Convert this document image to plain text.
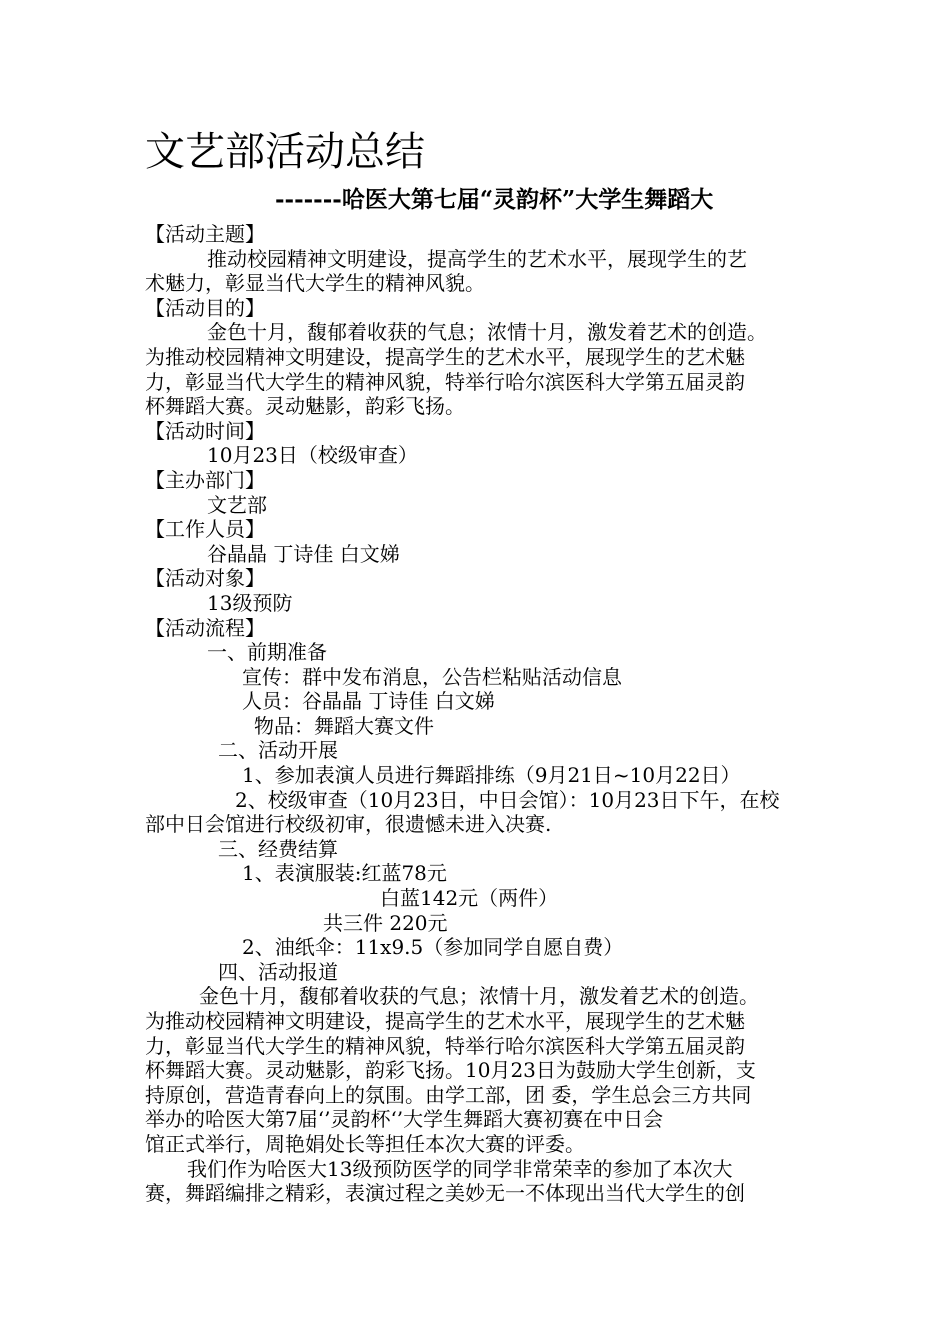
文艺部活动总结
-------哈医大第七届“灵韵杯”大学生舞蹈大
【活动主题】
推动校园精神文明建设，提高学生的艺术水平，展现学生的艺
术魅力，彰显当代大学生的精神风貌。
【活动目的】
金色十月，馥郁着收获的气息；浓情十月，激发着艺术的创造。
为推动校园精神文明建设，提高学生的艺术水平，展现学生的艺术魅
力，彰显当代大学生的精神风貌，特举行哈尔滨医科大学第五届灵韵
杯舞蹈大赛。灵动魅影，韵彩飞扬。
【活动时间】
10月23日（校级审查）
【主办部门】
文艺部
【工作人员】
谷晶晶 丁诗佳 白文娣
【活动对象】
13级预防
【活动流程】
一、前期准备
宣传：群中发布消息，公告栏粘贴活动信息
人员：谷晶晶 丁诗佳 白文娣
物品：舞蹈大赛文件
二、活动开展
1、参加表演人员进行舞蹈排练（9月21日~10月22日）
2、校级审查（10月23日，中日会馆）：10月23日下午，在校
部中日会馆进行校级初审，很遗憾未进入决赛.
三、经费结算
1、表演服装:红蓝78元
白蓝142元（两件）
共三件 220元
2、油纸伞：11x9.5（参加同学自愿自费）
四、活动报道
金色十月，馥郁着收获的气息；浓情十月，激发着艺术的创造。
为推动校园精神文明建设，提高学生的艺术水平，展现学生的艺术魅
力，彰显当代大学生的精神风貌，特举行哈尔滨医科大学第五届灵韵
杯舞蹈大赛。灵动魅影，韵彩飞扬。10月23日为鼓励大学生创新，支
持原创，营造青春向上的氛围。由学工部，团 委，学生总会三方共同
举办的哈医大第7届‘’灵韵杯‘’大学生舞蹈大赛初赛在中日会
馆正式举行，周艳娟处长等担任本次大赛的评委。
我们作为哈医大13级预防医学的同学非常荣幸的参加了本次大
赛，舞蹈编排之精彩，表演过程之美妙无一不体现出当代大学生的创
